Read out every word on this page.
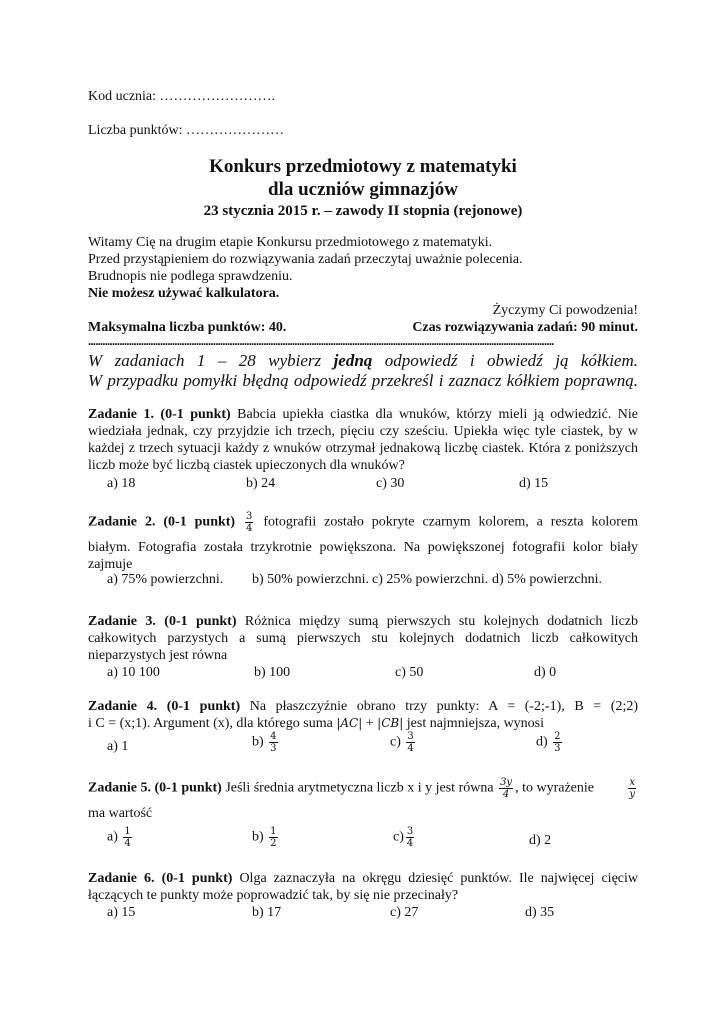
Kod ucznia: …………………….
Liczba punktów: …………………
Konkurs przedmiotowy z matematyki
dla uczniów gimnazjów
23 stycznia 2015 r. – zawody II stopnia (rejonowe)
Witamy Cię na drugim etapie Konkursu przedmiotowego z matematyki.
Przed przystąpieniem do rozwiązywania zadań przeczytaj uważnie polecenia.
Brudnopis nie podlega sprawdzeniu.
Nie możesz używać kalkulatora.
Życzymy Ci powodzenia!
Maksymalna liczba punktów: 40.	Czas rozwiązywania zadań: 90 minut.
..................................................................................................................................................................................................
W zadaniach 1 – 28 wybierz jedną odpowiedź i obwiedź ją kółkiem.
W przypadku pomyłki błędną odpowiedź przekreśl i zaznacz kółkiem poprawną.
Zadanie 1. (0-1 punkt) Babcia upiekła ciastka dla wnuków, którzy mieli ją odwiedzić. Nie wiedziała jednak, czy przyjdzie ich trzech, pięciu czy sześciu. Upiekła więc tyle ciastek, by w każdej z trzech sytuacji każdy z wnuków otrzymał jednakową liczbę ciastek. Która z poniższych liczb może być liczbą ciastek upieczonych dla wnuków?
a) 18	b) 24	c) 30	d) 15
Zadanie 2. (0-1 punkt) $\frac{3}{4}$ fotografii zostało pokryte czarnym kolorem, a reszta kolorem
białym. Fotografia została trzykrotnie powiększona. Na powiększonej fotografii kolor biały zajmuje
a) 75% powierzchni. b) 50% powierzchni. c) 25% powierzchni. d) 5% powierzchni.
Zadanie 3. (0-1 punkt) Różnica między sumą pierwszych stu kolejnych dodatnich liczb całkowitych parzystych a sumą pierwszych stu kolejnych dodatnich liczb całkowitych nieparzystych jest równa
a) 10 100	b) 100	c) 50	d) 0
Zadanie 4. (0-1 punkt) Na płaszczyźnie obrano trzy punkty: A = (-2;-1), B = (2;2)
i C = (x;1). Argument (x), dla którego suma |AC| + |CB| jest najmniejsza, wynosi
a) 1	$b) \frac{4}{3}$	$c) \frac{3}{4}$	$d) \frac{2}{3}$
Zadanie 5. (0-1 punkt) Jeśli średnia arytmetyczna liczb x i y jest równa $\frac{3y}{4}$ , to wyrażenie	$\frac{x}{y}$
ma wartość
$a) \frac{1}{4}$	$b) \frac{1}{2}$	$c) \frac{3}{4}$	d) 2
Zadanie 6. (0-1 punkt) Olga zaznaczyła na okręgu dziesięć punktów. Ile najwięcej cięciw łączących te punkty może poprowadzić tak, by się nie przecinały?
a) 15	b) 17	c) 27	d) 35
